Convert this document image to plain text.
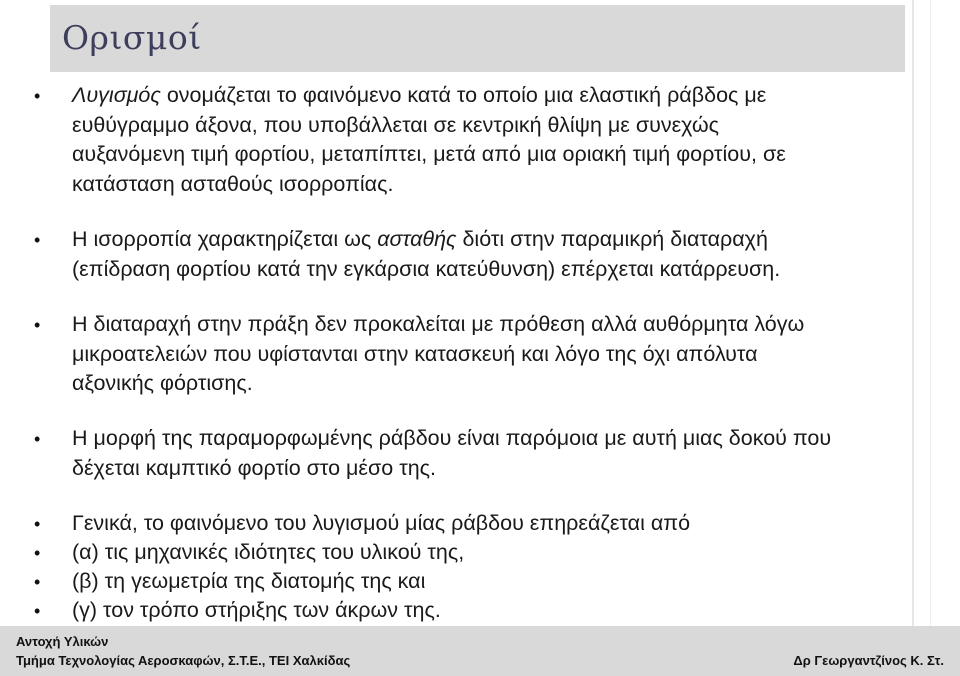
Ορισμοί
• Λυγισμός ονομάζεται το φαινόμενο κατά το οποίο μια ελαστική ράβδος με
ευθύγραμμο άξονα, που υποβάλλεται σε κεντρική θλίψη με συνεχώς
αυξανόμενη τιμή φορτίου, μεταπίπτει, μετά από μια οριακή τιμή φορτίου, σε
κατάσταση ασταθούς ισορροπίας.
• Η ισορροπία χαρακτηρίζεται ως ασταθής διότι στην παραμικρή διαταραχή
(επίδραση φορτίου κατά την εγκάρσια κατεύθυνση) επέρχεται κατάρρευση.
• Η διαταραχή στην πράξη δεν προκαλείται με πρόθεση αλλά αυθόρμητα λόγω
μικροατελειών που υφίστανται στην κατασκευή και λόγο της όχι απόλυτα
αξονικής φόρτισης.
• Η μορφή της παραμορφωμένης ράβδου είναι παρόμοια με αυτή μιας δοκού που
δέχεται καμπτικό φορτίο στο μέσο της.
• Γενικά, το φαινόμενο του λυγισμού μίας ράβδου επηρεάζεται από
• (α) τις μηχανικές ιδιότητες του υλικού της,
• (β) τη γεωμετρία της διατομής της και
• (γ) τον τρόπο στήριξης των άκρων της.
Αντοχή Υλικών
Τμήμα Τεχνολογίας Αεροσκαφών, Σ.Τ.Ε., ΤΕΙ Χαλκίδας	Δρ Γεωργαντζίνος Κ. Στ.
